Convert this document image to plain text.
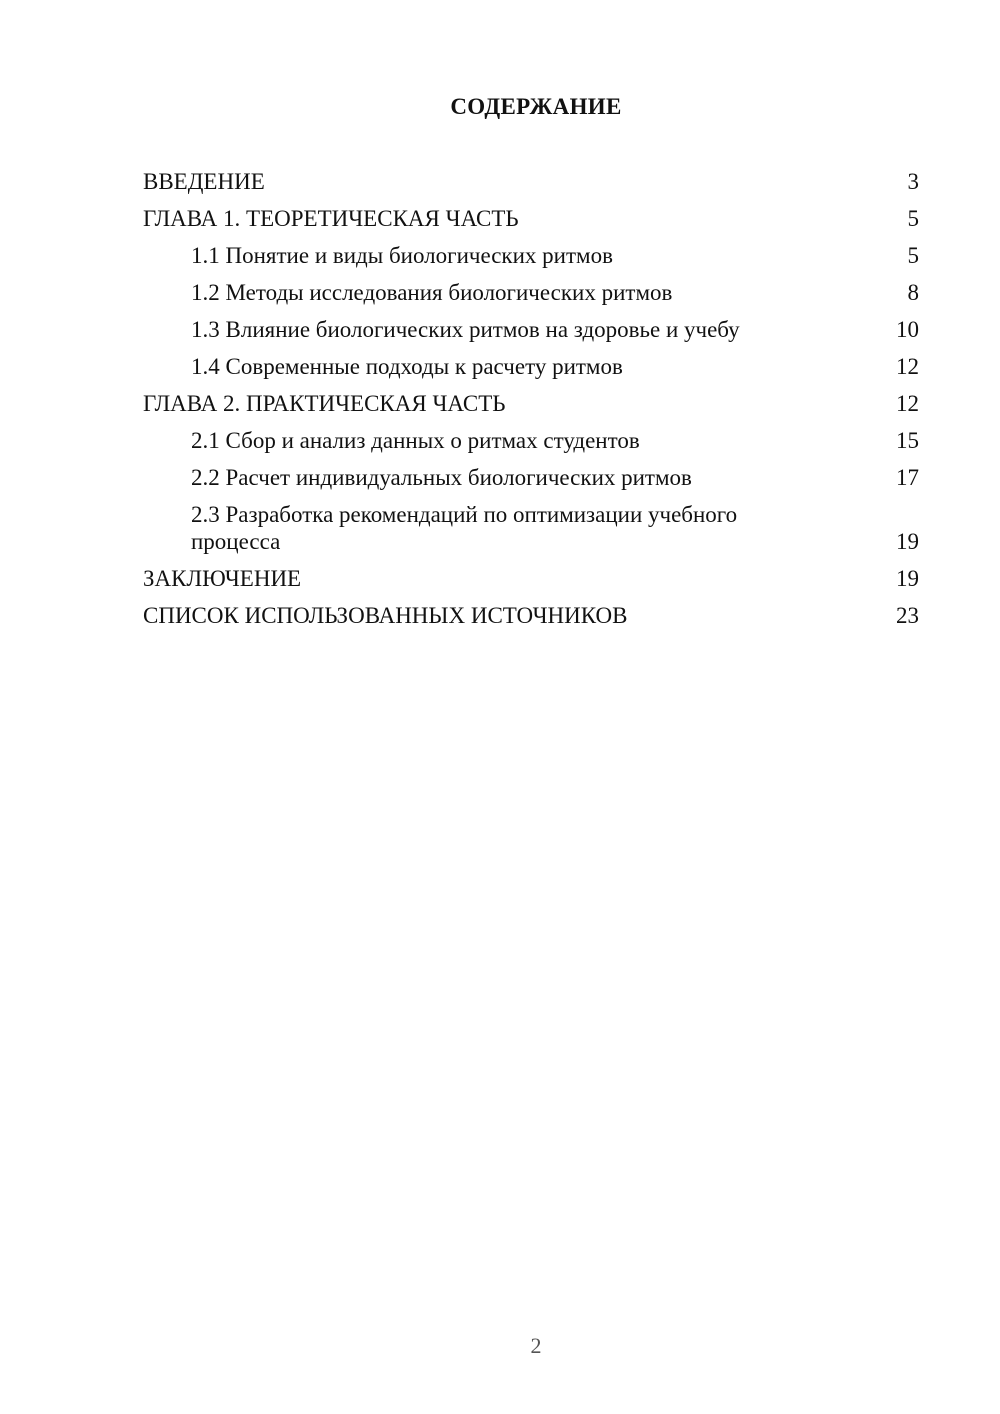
СОДЕРЖАНИЕ
ВВЕДЕНИЕ	3
ГЛАВА 1. ТЕОРЕТИЧЕСКАЯ ЧАСТЬ	5
1.1 Понятие и виды биологических ритмов	5
1.2 Методы исследования биологических ритмов	8
1.3 Влияние биологических ритмов на здоровье и учебу	10
1.4 Современные подходы к расчету ритмов	12
ГЛАВА 2. ПРАКТИЧЕСКАЯ ЧАСТЬ	12
2.1 Сбор и анализ данных о ритмах студентов	15
2.2 Расчет индивидуальных биологических ритмов	17
2.3 Разработка рекомендаций по оптимизации учебного процесса	19
ЗАКЛЮЧЕНИЕ	19
СПИСОК ИСПОЛЬЗОВАННЫХ ИСТОЧНИКОВ	23
2
